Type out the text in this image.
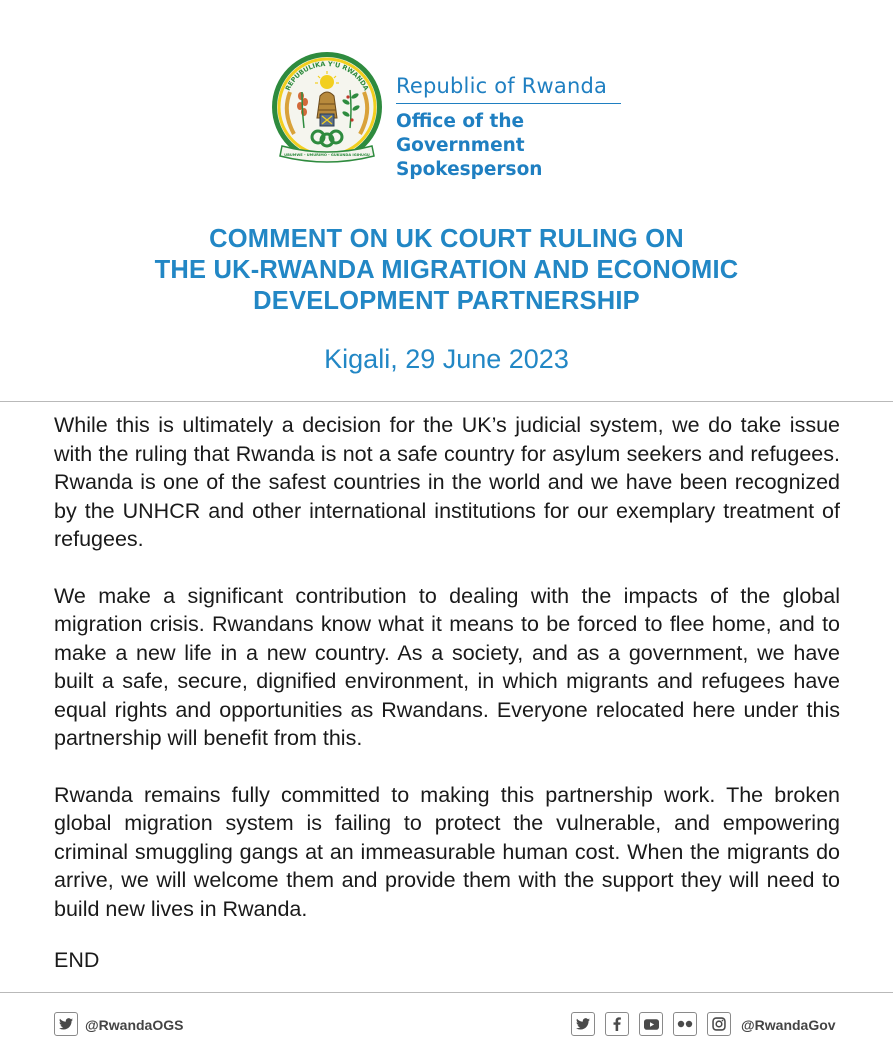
REPUBULIKA Y'U RWANDA
UBUMWE - UMURIMO - GUKUNDA IGIHUGU
Republic of Rwanda
Office of the Government
Spokesperson
COMMENT ON UK COURT RULING ON
THE UK-RWANDA MIGRATION AND ECONOMIC
DEVELOPMENT PARTNERSHIP
Kigali, 29 June 2023

While this is ultimately a decision for the UK’s judicial system, we do take issue with the ruling that Rwanda is not a safe country for asylum seekers and refugees. Rwanda is one of the safest countries in the world and we have been recognized by the UNHCR and other international institutions for our exemplary treatment of refugees.

We make a significant contribution to dealing with the impacts of the global migration crisis. Rwandans know what it means to be forced to flee home, and to make a new life in a new country. As a society, and as a government, we have built a safe, secure, dignified environment, in which migrants and refugees have equal rights and opportunities as Rwandans. Everyone relocated here under this partnership will benefit from this.

Rwanda remains fully committed to making this partnership work. The broken global migration system is failing to protect the vulnerable, and empowering criminal smuggling gangs at an immeasurable human cost. When the migrants do arrive, we will welcome them and provide them with the support they will need to build new lives in Rwanda.

END
@RwandaOGS	@RwandaGov
